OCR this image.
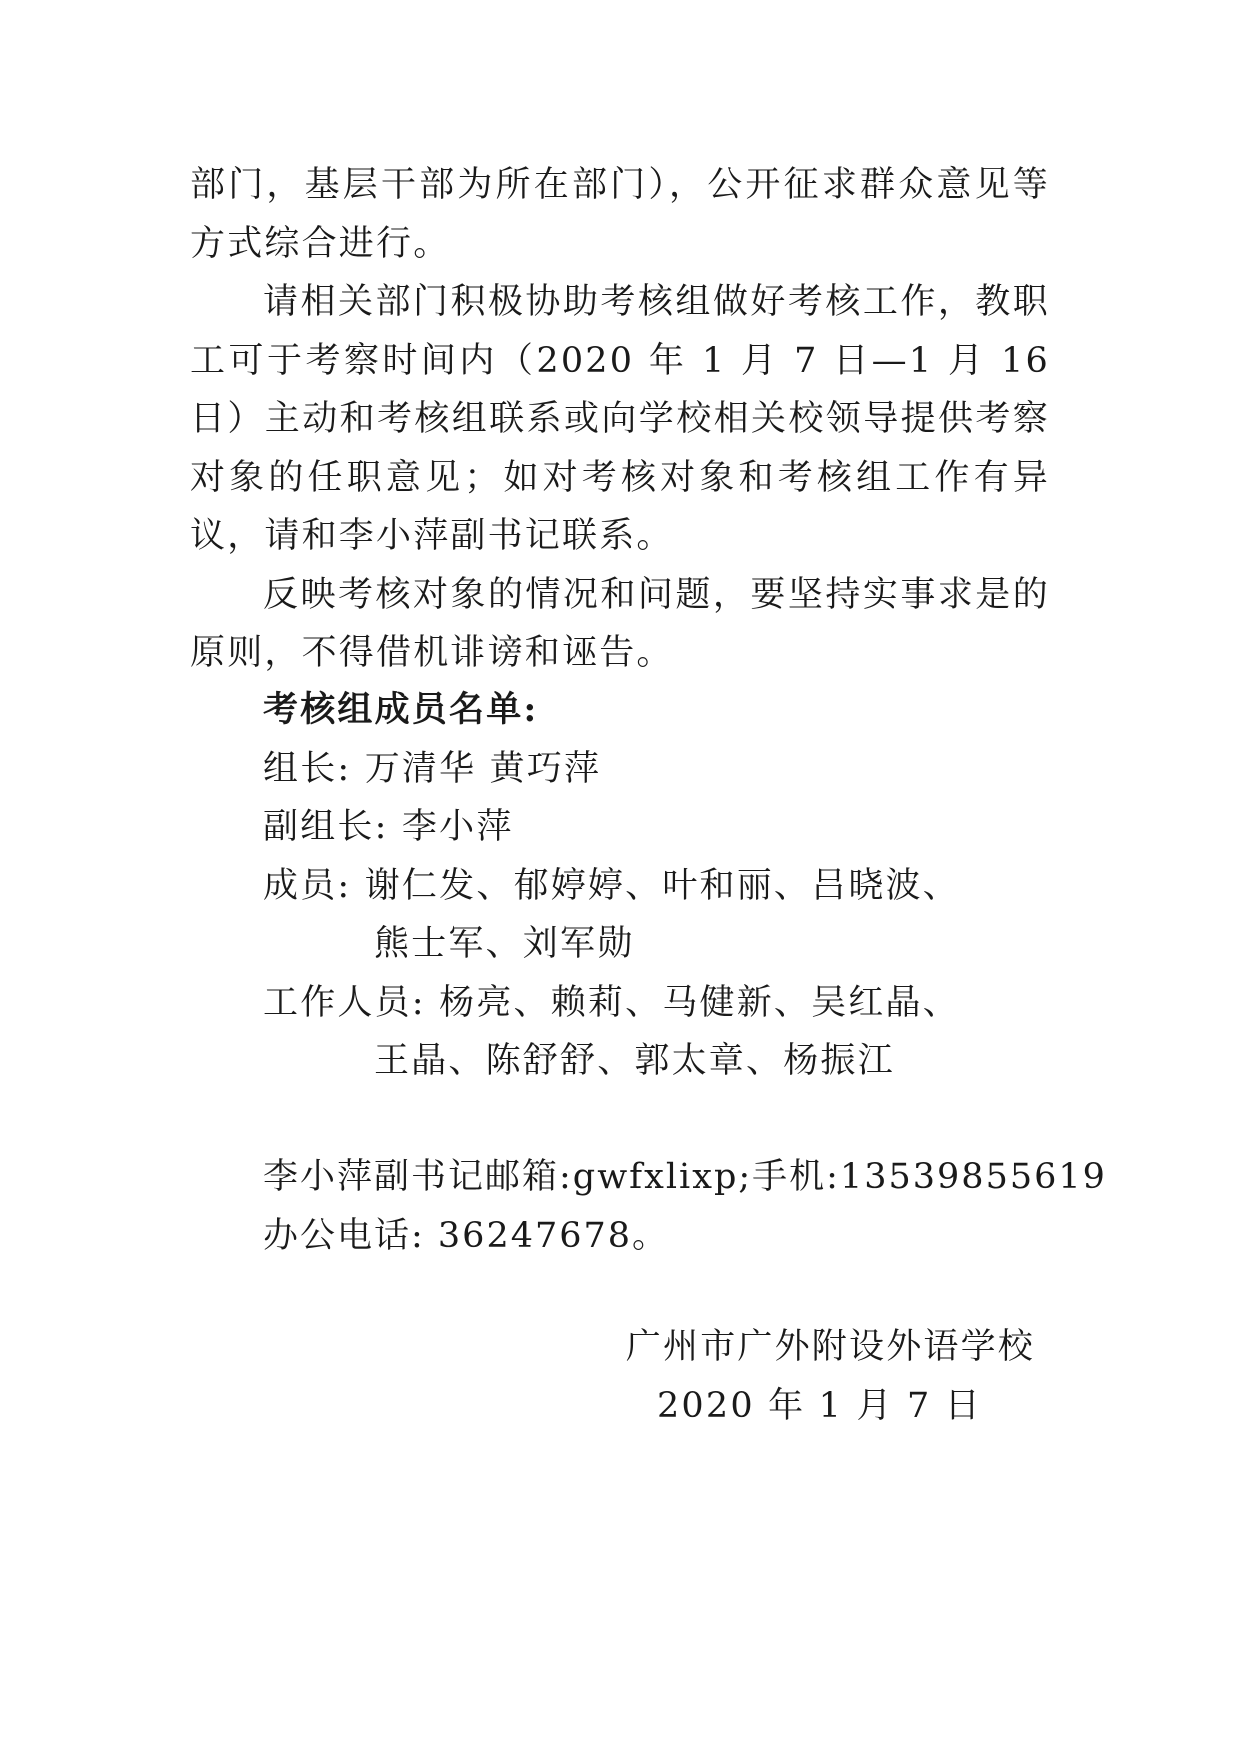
部门，基层干部为所在部门），公开征求群众意见等方式综合进行。

请相关部门积极协助考核组做好考核工作，教职工可于考察时间内（2020 年 1 月 7 日—1 月 16 日）主动和考核组联系或向学校相关校领导提供考察对象的任职意见；如对考核对象和考核组工作有异议，请和李小萍副书记联系。

反映考核对象的情况和问题，要坚持实事求是的原则，不得借机诽谤和诬告。

考核组成员名单:

组长: 万清华 黄巧萍

副组长: 李小萍

成员: 谢仁发、郁婷婷、叶和丽、吕晓波、

熊士军、刘军勋

工作人员: 杨亮、赖莉、马健新、吴红晶、

王晶、陈舒舒、郭太章、杨振江

李小萍副书记邮箱:gwfxlixp;手机:13539855619

办公电话: 36247678。

广州市广外附设外语学校

2020 年 1 月 7 日
